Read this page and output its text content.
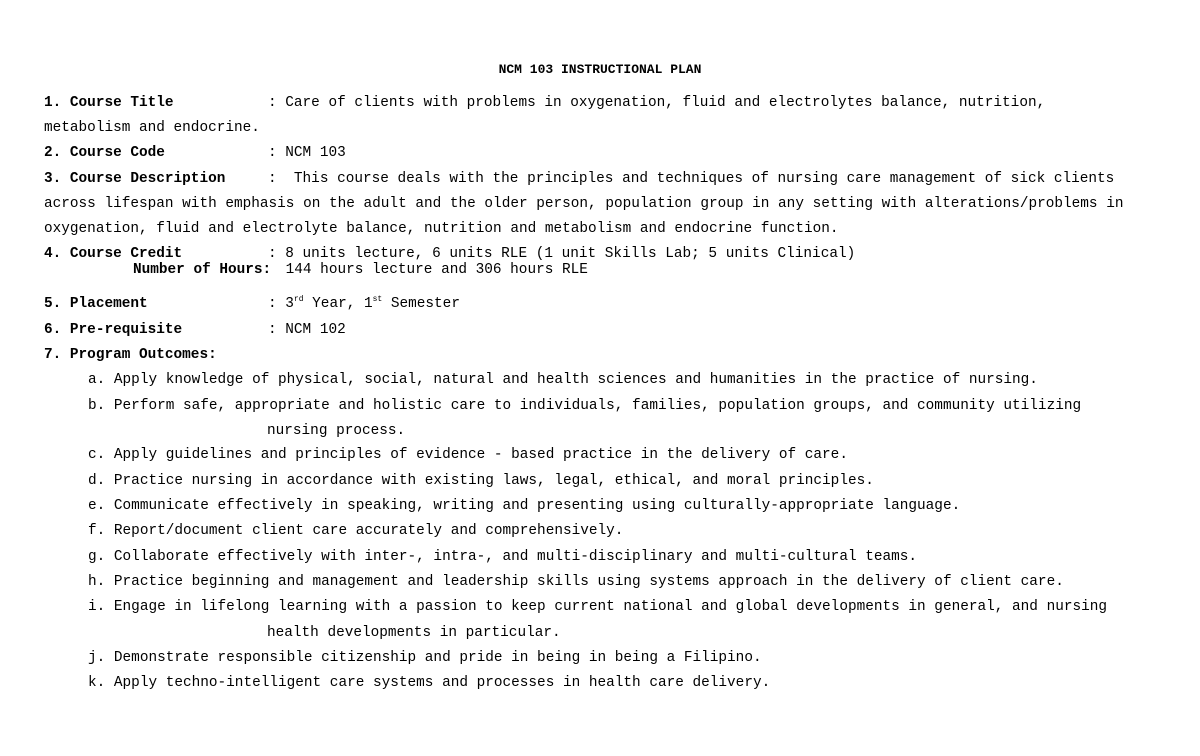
NCM 103 INSTRUCTIONAL PLAN
1. Course Title	: Care of clients with problems in oxygenation, fluid and electrolytes balance, nutrition,
metabolism and endocrine.
2. Course Code	: NCM 103
3. Course Description	:  This course deals with the principles and techniques of nursing care management of sick clients
across lifespan with emphasis on the adult and the older person, population group in any setting with alterations/problems in
oxygenation, fluid and electrolyte balance, nutrition and metabolism and endocrine function.
4. Course Credit	: 8 units lecture, 6 units RLE (1 unit Skills Lab; 5 units Clinical)
Number of Hours: 144 hours lecture and 306 hours RLE
5. Placement	: 3rd Year, 1st Semester
6. Pre-requisite	: NCM 102
7. Program Outcomes:
a. Apply knowledge of physical, social, natural and health sciences and humanities in the practice of nursing.
b. Perform safe, appropriate and holistic care to individuals, families, population groups, and community utilizing
nursing process.
c. Apply guidelines and principles of evidence - based practice in the delivery of care.
d. Practice nursing in accordance with existing laws, legal, ethical, and moral principles.
e. Communicate effectively in speaking, writing and presenting using culturally-appropriate language.
f. Report/document client care accurately and comprehensively.
g. Collaborate effectively with inter-, intra-, and multi-disciplinary and multi-cultural teams.
h. Practice beginning and management and leadership skills using systems approach in the delivery of client care.
i. Engage in lifelong learning with a passion to keep current national and global developments in general, and nursing
health developments in particular.
j. Demonstrate responsible citizenship and pride in being in being a Filipino.
k. Apply techno-intelligent care systems and processes in health care delivery.
